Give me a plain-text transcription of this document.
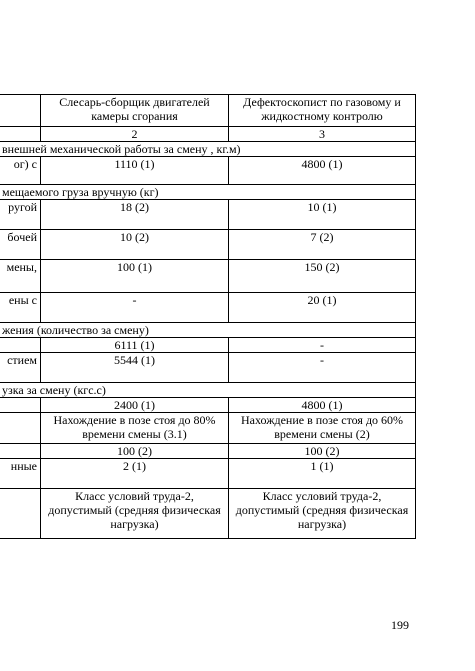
	Слесарь-сборщик двигателей камеры сгорания	Дефектоскопист по газовому и жидкостному контролю
	2	3
внешней механической работы за смену , кг.м)		
ог) с	1110 (1)	4800 (1)
мещаемого груза вручную (кг)		
ругой	18 (2)	10 (1)
бочей	10 (2)	7 (2)
мены,	100 (1)	150 (2)
ены с	-	20 (1)
жения (количество за смену)		
	6111 (1)	-
стием	5544 (1)	-
узка за смену (кгс.с)		
	2400 (1)	4800 (1)
	Нахождение в позе стоя до 80% времени смены (3.1)	Нахождение в позе стоя до 60% времени смены (2)
	100 (2)	100 (2)
нные	2 (1)	1 (1)
	Класс условий труда-2, допустимый (средняя физическая нагрузка)	Класс условий труда-2, допустимый (средняя физическая нагрузка)
199
